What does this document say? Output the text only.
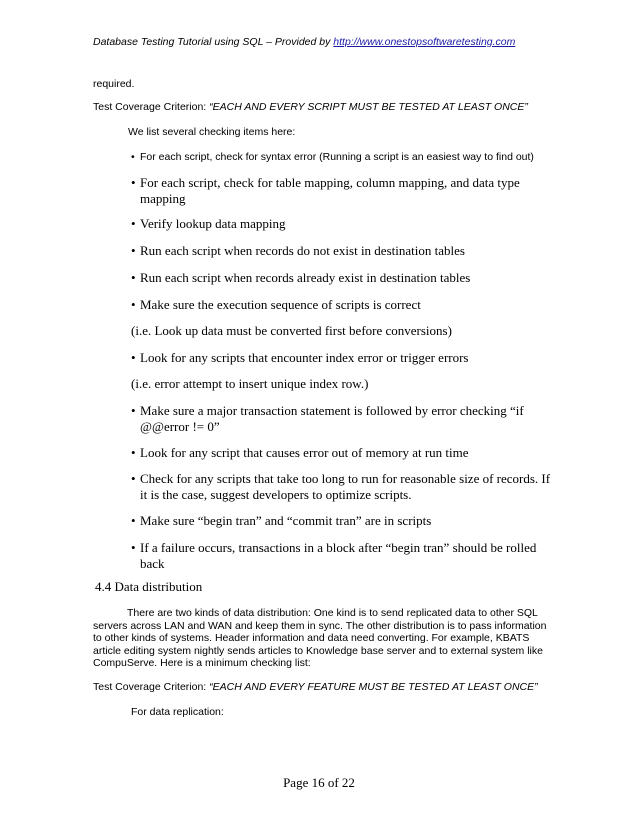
Database Testing Tutorial using SQL – Provided by http://www.onestopsoftwaretesting.com
required.
Test Coverage Criterion: “EACH AND EVERY SCRIPT MUST BE TESTED AT LEAST ONCE”
We list several checking items here:
• For each script, check for syntax error (Running a script is an easiest way to find out)
• For each script, check for table mapping, column mapping, and data type
mapping
• Verify lookup data mapping
• Run each script when records do not exist in destination tables
• Run each script when records already exist in destination tables
• Make sure the execution sequence of scripts is correct
(i.e. Look up data must be converted first before conversions)
• Look for any scripts that encounter index error or trigger errors
(i.e. error attempt to insert unique index row.)
• Make sure a major transaction statement is followed by error checking “if
@@error != 0”
• Look for any script that causes error out of memory at run time
• Check for any scripts that take too long to run for reasonable size of records. If
it is the case, suggest developers to optimize scripts.
• Make sure “begin tran” and “commit tran” are in scripts
• If a failure occurs, transactions in a block after “begin tran” should be rolled
back
4.4 Data distribution
There are two kinds of data distribution: One kind is to send replicated data to other SQL servers across LAN and WAN and keep them in sync. The other distribution is to pass information to other kinds of systems. Header information and data need converting. For example, KBATS article editing system nightly sends articles to Knowledge base server and to external system like CompuServe. Here is a minimum checking list:
Test Coverage Criterion: “EACH AND EVERY FEATURE MUST BE TESTED AT LEAST ONCE”
For data replication:
Page 16 of 22
